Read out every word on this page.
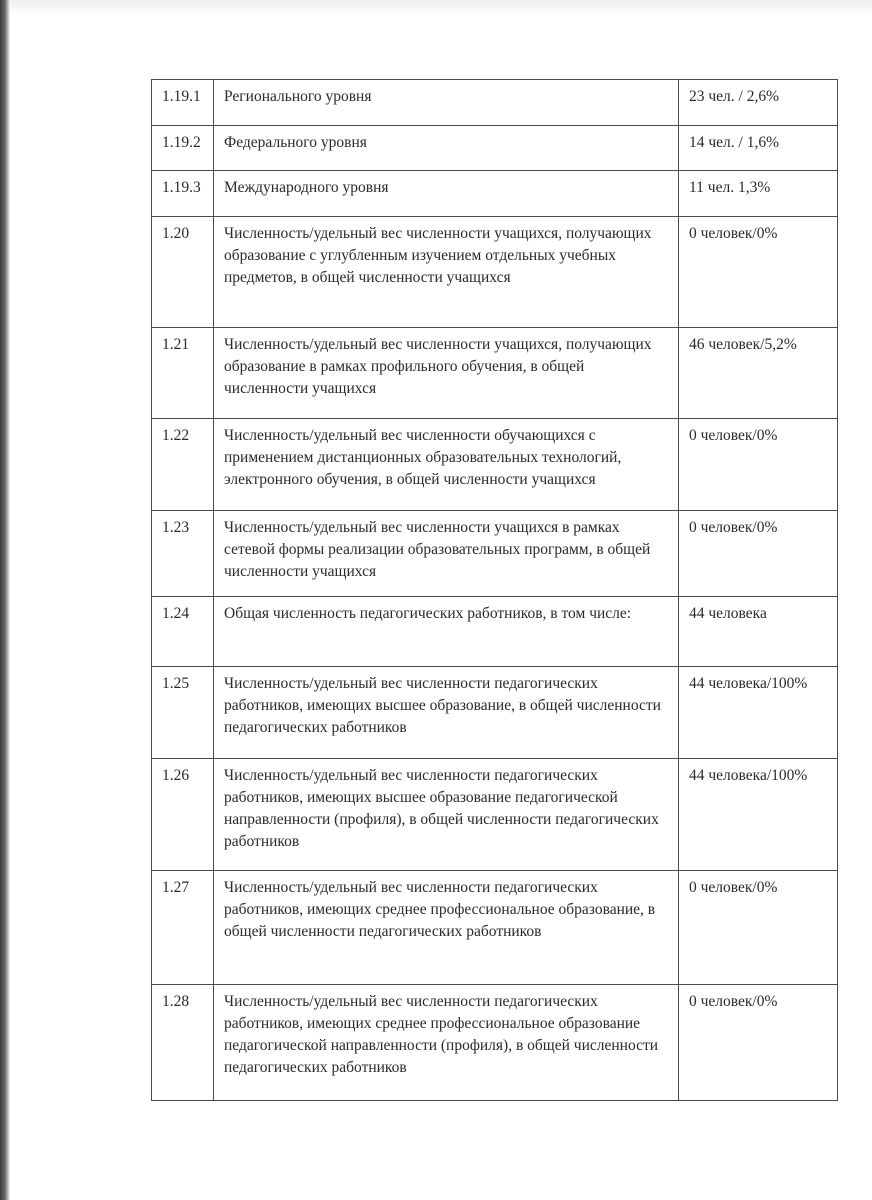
1.19.1	Регионального уровня	23 чел. / 2,6%
1.19.2	Федерального уровня	14 чел. / 1,6%
1.19.3	Международного уровня	11 чел. 1,3%
1.20	Численность/удельный вес численности учащихся, получающих образование с углубленным изучением отдельных учебных предметов, в общей численности учащихся	0 человек/0%
1.21	Численность/удельный вес численности учащихся, получающих образование в рамках профильного обучения, в общей численности учащихся	46 человек/5,2%
1.22	Численность/удельный вес численности обучающихся с применением дистанционных образовательных технологий, электронного обучения, в общей численности учащихся	0 человек/0%
1.23	Численность/удельный вес численности учащихся в рамках сетевой формы реализации образовательных программ, в общей численности учащихся	0 человек/0%
1.24	Общая численность педагогических работников, в том числе:	44 человека
1.25	Численность/удельный вес численности педагогических работников, имеющих высшее образование, в общей численности педагогических работников	44 человека/100%
1.26	Численность/удельный вес численности педагогических работников, имеющих высшее образование педагогической направленности (профиля), в общей численности педагогических работников	44 человека/100%
1.27	Численность/удельный вес численности педагогических работников, имеющих среднее профессиональное образование, в общей численности педагогических работников	0 человек/0%
1.28	Численность/удельный вес численности педагогических работников, имеющих среднее профессиональное образование педагогической направленности (профиля), в общей численности педагогических работников	0 человек/0%
